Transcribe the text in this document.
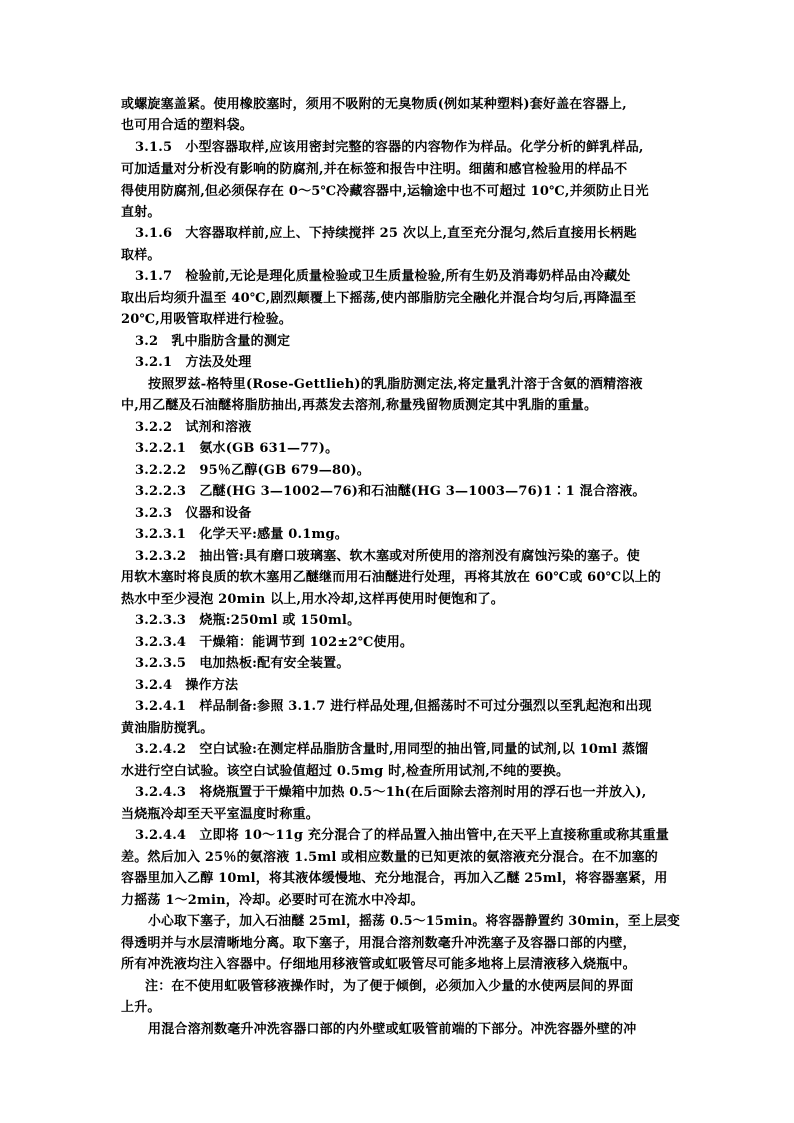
或螺旋塞盖紧。使用橡胶塞时，须用不吸附的无臭物质(例如某种塑料)套好盖在容器上,
也可用合适的塑料袋。
3.1.5　小型容器取样,应该用密封完整的容器的内容物作为样品。化学分析的鲜乳样品,
可加适量对分析没有影响的防腐剂,并在标签和报告中注明。细菌和感官检验用的样品不
得使用防腐剂,但必须保存在 0～5℃冷藏容器中,运输途中也不可超过 10℃,并须防止日光
直射。
3.1.6　大容器取样前,应上、下持续搅拌 25 次以上,直至充分混匀,然后直接用长柄匙
取样。
3.1.7　检验前,无论是理化质量检验或卫生质量检验,所有生奶及消毒奶样品由冷藏处
取出后均须升温至 40℃,剧烈颠覆上下摇荡,使内部脂肪完全融化并混合均匀后,再降温至
20℃,用吸管取样进行检验。
3.2　乳中脂肪含量的测定
3.2.1　方法及处理
按照罗兹-格特里(Rose-Gettlieh)的乳脂肪测定法,将定量乳汁溶于含氨的酒精溶液
中,用乙醚及石油醚将脂肪抽出,再蒸发去溶剂,称量残留物质测定其中乳脂的重量。
3.2.2　试剂和溶液
3.2.2.1　氨水(GB 631—77)。
3.2.2.2　95％乙醇(GB 679—80)。
3.2.2.3　乙醚(HG 3—1002—76)和石油醚(HG 3—1003—76)1∶1 混合溶液。
3.2.3　仪器和设备
3.2.3.1　化学天平:感量 0.1mg。
3.2.3.2　抽出管:具有磨口玻璃塞、软木塞或对所使用的溶剂没有腐蚀污染的塞子。使
用软木塞时将良质的软木塞用乙醚继而用石油醚进行处理，再将其放在 60℃或 60℃以上的
热水中至少浸泡 20min 以上,用水冷却,这样再使用时便饱和了。
3.2.3.3　烧瓶:250ml 或 150ml。
3.2.3.4　干燥箱：能调节到 102±2℃使用。
3.2.3.5　电加热板:配有安全装置。
3.2.4　操作方法
3.2.4.1　样品制备:参照 3.1.7 进行样品处理,但摇荡时不可过分强烈以至乳起泡和出现
黄油脂肪搅乳。
3.2.4.2　空白试验:在测定样品脂肪含量时,用同型的抽出管,同量的试剂,以 10ml 蒸馏
水进行空白试验。该空白试验值超过 0.5mg 时,检查所用试剂,不纯的要换。
3.2.4.3　将烧瓶置于干燥箱中加热 0.5～1h(在后面除去溶剂时用的浮石也一并放入),
当烧瓶冷却至天平室温度时称重。
3.2.4.4　立即将 10～11g 充分混合了的样品置入抽出管中,在天平上直接称重或称其重量
差。然后加入 25％的氨溶液 1.5ml 或相应数量的已知更浓的氨溶液充分混合。在不加塞的
容器里加入乙醇 10ml，将其液体缓慢地、充分地混合，再加入乙醚 25ml，将容器塞紧，用
力摇荡 1～2min，冷却。必要时可在流水中冷却。
小心取下塞子，加入石油醚 25ml，摇荡 0.5～15min。将容器静置约 30min，至上层变
得透明并与水层清晰地分离。取下塞子，用混合溶剂数毫升冲洗塞子及容器口部的内壁，
所有冲洗液均注入容器中。仔细地用移液管或虹吸管尽可能多地将上层清液移入烧瓶中。
注：在不使用虹吸管移液操作时，为了便于倾倒，必须加入少量的水使两层间的界面
上升。
用混合溶剂数毫升冲洗容器口部的内外壁或虹吸管前端的下部分。冲洗容器外壁的冲
